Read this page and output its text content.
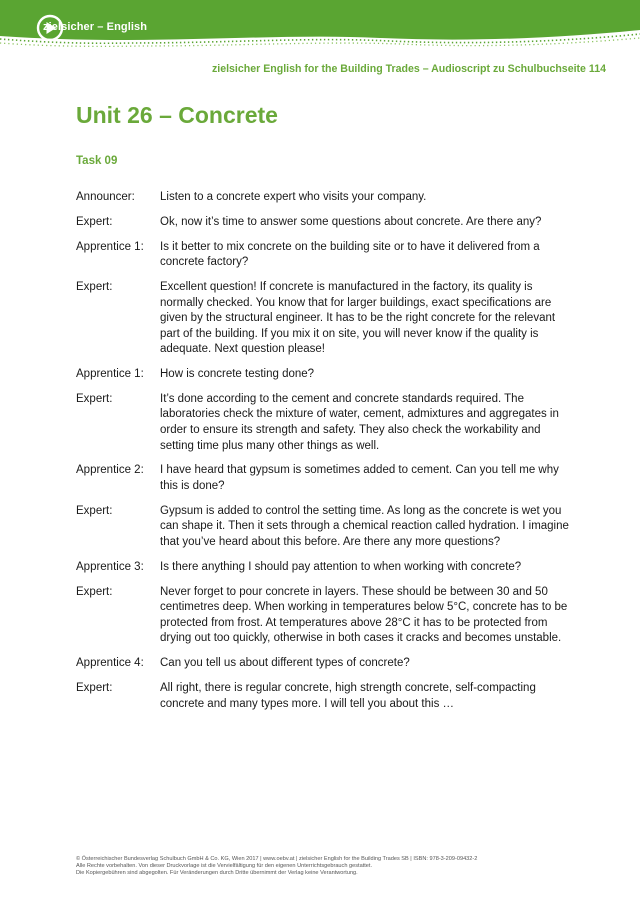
zielsicher – English
zielsicher English for the Building Trades – Audioscript zu Schulbuchseite 114
Unit 26 – Concrete
Task 09
Announcer:	Listen to a concrete expert who visits your company.
Expert:	Ok, now it’s time to answer some questions about concrete. Are there any?
Apprentice 1:	Is it better to mix concrete on the building site or to have it delivered from a concrete factory?
Expert:	Excellent question! If concrete is manufactured in the factory, its quality is normally checked. You know that for larger buildings, exact specifications are given by the structural engineer. It has to be the right concrete for the relevant part of the building. If you mix it on site, you will never know if the quality is adequate. Next question please!
Apprentice 1:	How is concrete testing done?
Expert:	It’s done according to the cement and concrete standards required. The laboratories check the mixture of water, cement, admixtures and aggregates in order to ensure its strength and safety. They also check the workability and setting time plus many other things as well.
Apprentice 2:	I have heard that gypsum is sometimes added to cement. Can you tell me why this is done?
Expert:	Gypsum is added to control the setting time. As long as the concrete is wet you can shape it. Then it sets through a chemical reaction called hydration. I imagine that you’ve heard about this before. Are there any more questions?
Apprentice 3:	Is there anything I should pay attention to when working with concrete?
Expert:	Never forget to pour concrete in layers. These should be between 30 and 50 centimetres deep. When working in temperatures below 5°C, concrete has to be protected from frost. At temperatures above 28°C it has to be protected from drying out too quickly, otherwise in both cases it cracks and becomes unstable.
Apprentice 4:	Can you tell us about different types of concrete?
Expert:	All right, there is regular concrete, high strength concrete, self-compacting concrete and many types more. I will tell you about this …
© Österreichischer Bundesverlag Schulbuch GmbH & Co. KG, Wien 2017 | www.oebv.at | zielsicher English for the Building Trades SB | ISBN: 978-3-209-09432-2
Alle Rechte vorbehalten. Von dieser Druckvorlage ist die Vervielfältigung für den eigenen Unterrichtsgebrauch gestattet.
Die Kopiergebühren sind abgegolten. Für Veränderungen durch Dritte übernimmt der Verlag keine Verantwortung.
